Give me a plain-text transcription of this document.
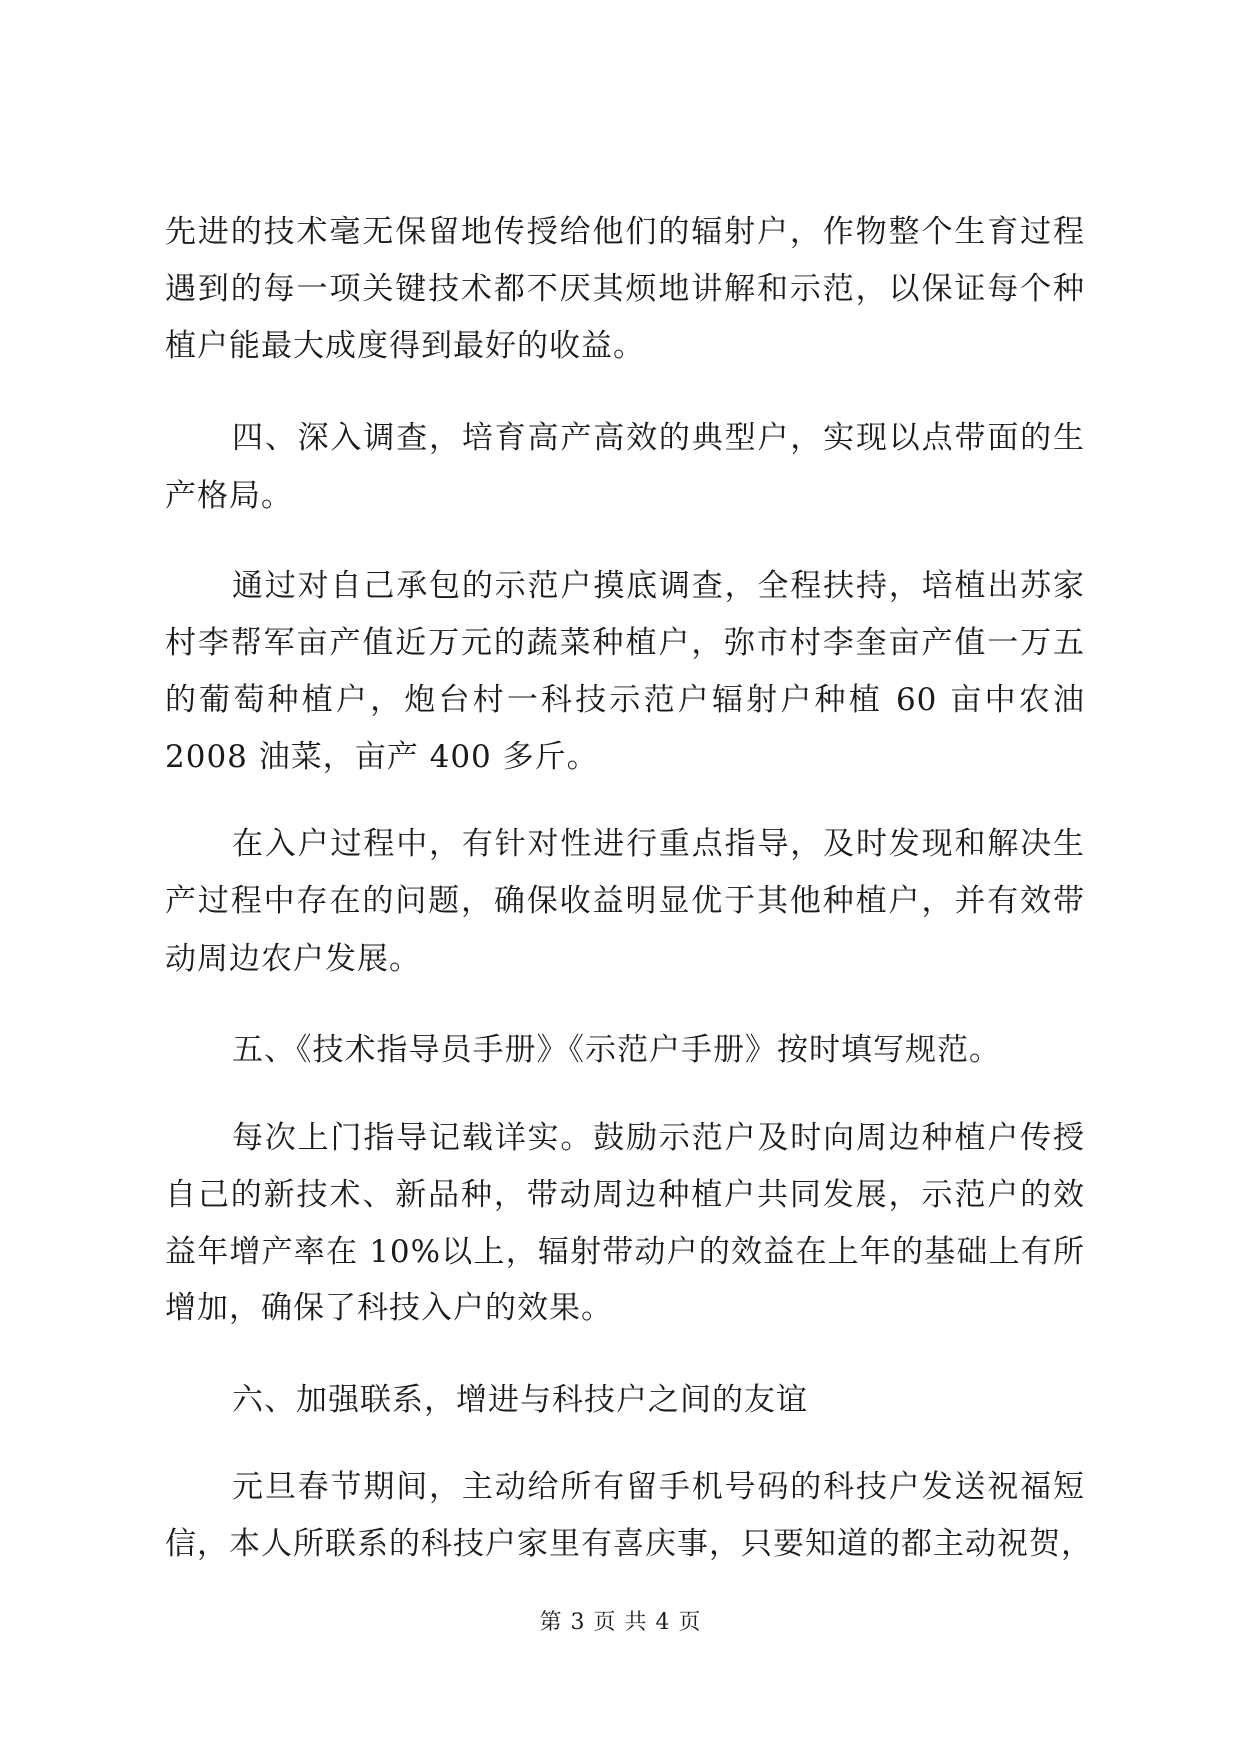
先进的技术毫无保留地传授给他们的辐射户，作物整个生育过程
遇到的每一项关键技术都不厌其烦地讲解和示范，以保证每个种
植户能最大成度得到最好的收益。
四、深入调查，培育高产高效的典型户，实现以点带面的生
产格局。
通过对自己承包的示范户摸底调查，全程扶持，培植出苏家
村李帮军亩产值近万元的蔬菜种植户，弥市村李奎亩产值一万五
的葡萄种植户，炮台村一科技示范户辐射户种植 60 亩中农油
2008 油菜，亩产 400 多斤。
在入户过程中，有针对性进行重点指导，及时发现和解决生
产过程中存在的问题，确保收益明显优于其他种植户，并有效带
动周边农户发展。
五、《技术指导员手册》《示范户手册》按时填写规范。
每次上门指导记载详实。鼓励示范户及时向周边种植户传授
自己的新技术、新品种，带动周边种植户共同发展，示范户的效
益年增产率在 10%以上，辐射带动户的效益在上年的基础上有所
增加，确保了科技入户的效果。
六、加强联系，增进与科技户之间的友谊
元旦春节期间，主动给所有留手机号码的科技户发送祝福短
信，本人所联系的科技户家里有喜庆事，只要知道的都主动祝贺，
第 3 页 共 4 页
